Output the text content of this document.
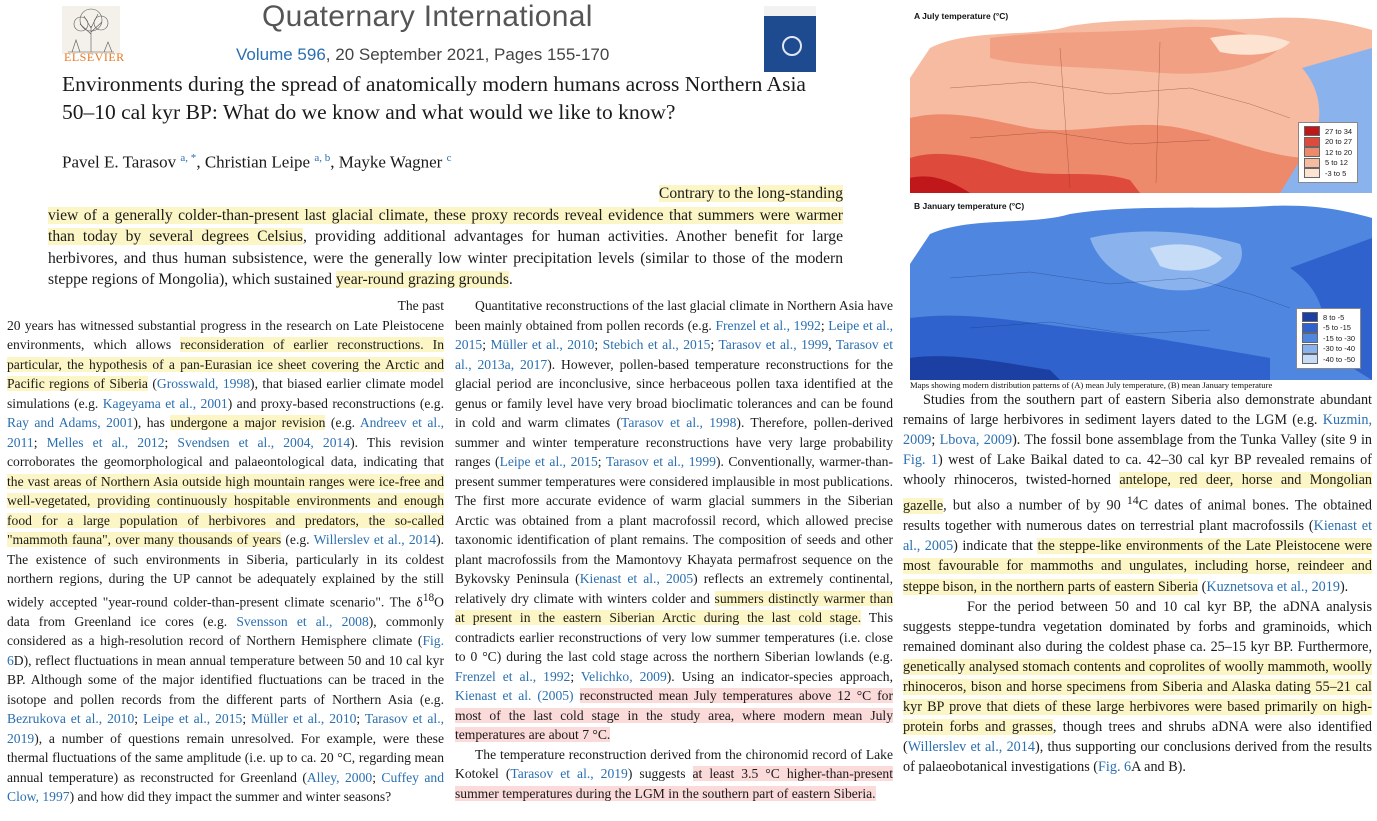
ELSEVIER
Quaternary International
Volume 596, 20 September 2021, Pages 155-170
Environments during the spread of anatomically modern humans across Northern Asia 50–10 cal kyr BP: What do we know and what would we like to know?
Pavel E. Tarasov $^{a, *}$, Christian Leipe $^{a, b}$, Mayke Wagner $^c$
Contrary to the long-standing
view of a generally colder-than-present last glacial climate, these proxy records reveal evidence that summers were warmer than today by several degrees Celsius, providing additional advantages for human activities. Another benefit for large herbivores, and thus human subsistence, were the generally low winter precipitation levels (similar to those of the modern steppe regions of Mongolia), which sustained year-round grazing grounds.
The past
20 years has witnessed substantial progress in the research on Late Pleistocene environments, which allows reconsideration of earlier reconstructions. In particular, the hypothesis of a pan-Eurasian ice sheet covering the Arctic and Pacific regions of Siberia (Grosswald, 1998), that biased earlier climate model simulations (e.g. Kageyama et al., 2001) and proxy-based reconstructions (e.g. Ray and Adams, 2001), has undergone a major revision (e.g. Andreev et al., 2011; Melles et al., 2012; Svendsen et al., 2004, 2014). This revision corroborates the geomorphological and palaeontological data, indicating that the vast areas of Northern Asia outside high mountain ranges were ice-free and well-vegetated, providing continuously hospitable environments and enough food for a large population of herbivores and predators, the so-called "mammoth fauna", over many thousands of years (e.g. Willerslev et al., 2014). The existence of such environments in Siberia, particularly in its coldest northern regions, during the UP cannot be adequately explained by the still widely accepted "year-round colder-than-present climate scenario". The $\delta^{18}O$ data from Greenland ice cores (e.g. Svensson et al., 2008), commonly considered as a high-resolution record of Northern Hemisphere climate (Fig. 6D), reflect fluctuations in mean annual temperature between 50 and 10 cal kyr BP. Although some of the major identified fluctuations can be traced in the isotope and pollen records from the different parts of Northern Asia (e.g. Bezrukova et al., 2010; Leipe et al., 2015; Müller et al., 2010; Tarasov et al., 2019), a number of questions remain unresolved. For example, were these thermal fluctuations of the same amplitude (i.e. up to ca. 20 °C, regarding mean annual temperature) as reconstructed for Greenland (Alley, 2000; Cuffey and Clow, 1997) and how did they impact the summer and winter seasons?
Quantitative reconstructions of the last glacial climate in Northern Asia have been mainly obtained from pollen records (e.g. Frenzel et al., 1992; Leipe et al., 2015; Müller et al., 2010; Stebich et al., 2015; Tarasov et al., 1999, Tarasov et al., 2013a, 2017). However, pollen-based temperature reconstructions for the glacial period are inconclusive, since herbaceous pollen taxa identified at the genus or family level have very broad bioclimatic tolerances and can be found in cold and warm climates (Tarasov et al., 1998). Therefore, pollen-derived summer and winter temperature reconstructions have very large probability ranges (Leipe et al., 2015; Tarasov et al., 1999). Conventionally, warmer-than-present summer temperatures were considered implausible in most publications. The first more accurate evidence of warm glacial summers in the Siberian Arctic was obtained from a plant macrofossil record, which allowed precise taxonomic identification of plant remains. The composition of seeds and other plant macrofossils from the Mamontovy Khayata permafrost sequence on the Bykovsky Peninsula (Kienast et al., 2005) reflects an extremely continental, relatively dry climate with winters colder and summers distinctly warmer than at present in the eastern Siberian Arctic during the last cold stage. This contradicts earlier reconstructions of very low summer temperatures (i.e. close to 0 °C) during the last cold stage across the northern Siberian lowlands (e.g. Frenzel et al., 1992; Velichko, 2009). Using an indicator-species approach, Kienast et al. (2005) reconstructed mean July temperatures above 12 °C for most of the last cold stage in the study area, where modern mean July temperatures are about 7 °C.
The temperature reconstruction derived from the chironomid record of Lake Kotokel (Tarasov et al., 2019) suggests at least 3.5 °C higher-than-present summer temperatures during the LGM in the southern part of eastern Siberia.
A July temperature (°C)
27 to 34
20 to 27
12 to 20
5 to 12
-3 to 5
B January temperature (°C)
8 to -5
-5 to -15
-15 to -30
-30 to -40
-40 to -50
Maps showing modern distribution patterns of (A) mean July temperature, (B) mean January temperature
Studies from the southern part of eastern Siberia also demonstrate abundant remains of large herbivores in sediment layers dated to the LGM (e.g. Kuzmin, 2009; Lbova, 2009). The fossil bone assemblage from the Tunka Valley (site 9 in Fig. 1) west of Lake Baikal dated to ca. 42–30 cal kyr BP revealed remains of whooly rhinoceros, twisted-horned antelope, red deer, horse and Mongolian gazelle, but also a number of by 90 $^{14}$C dates of animal bones. The obtained results together with numerous dates on terrestrial plant macrofossils (Kienast et al., 2005) indicate that the steppe-like environments of the Late Pleistocene were most favourable for mammoths and ungulates, including horse, reindeer and steppe bison, in the northern parts of eastern Siberia (Kuznetsova et al., 2019).
For the period between 50 and 10 cal kyr BP, the aDNA analysis suggests steppe-tundra vegetation dominated by forbs and graminoids, which remained dominant also during the coldest phase ca. 25–15 kyr BP. Furthermore, genetically analysed stomach contents and coprolites of woolly mammoth, woolly rhinoceros, bison and horse specimens from Siberia and Alaska dating 55–21 cal kyr BP prove that diets of these large herbivores were based primarily on high-protein forbs and grasses, though trees and shrubs aDNA were also identified (Willerslev et al., 2014), thus supporting our conclusions derived from the results of palaeobotanical investigations (Fig. 6A and B).
